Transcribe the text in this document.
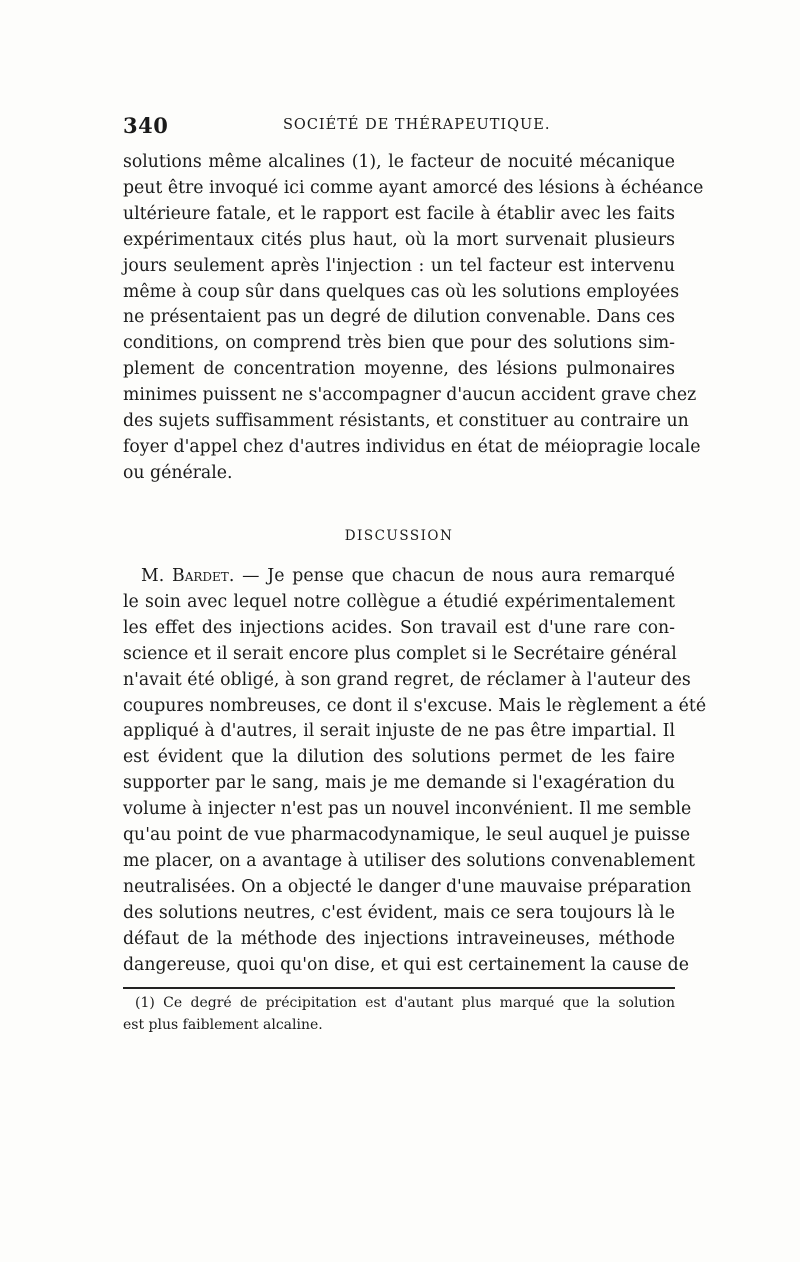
340	SOCIÉTÉ DE THÉRAPEUTIQUE.
solutions même alcalines (1), le facteur de nocuité mécanique
peut être invoqué ici comme ayant amorcé des lésions à échéance
ultérieure fatale, et le rapport est facile à établir avec les faits
expérimentaux cités plus haut, où la mort survenait plusieurs
jours seulement après l'injection : un tel facteur est intervenu
même à coup sûr dans quelques cas où les solutions employées
ne présentaient pas un degré de dilution convenable. Dans ces
conditions, on comprend très bien que pour des solutions sim-
plement de concentration moyenne, des lésions pulmonaires
minimes puissent ne s'accompagner d'aucun accident grave chez
des sujets suffisamment résistants, et constituer au contraire un
foyer d'appel chez d'autres individus en état de méiopragie locale
ou générale.
DISCUSSION
M. Bardet. — Je pense que chacun de nous aura remarqué
le soin avec lequel notre collègue a étudié expérimentalement
les effet des injections acides. Son travail est d'une rare con-
science et il serait encore plus complet si le Secrétaire général
n'avait été obligé, à son grand regret, de réclamer à l'auteur des
coupures nombreuses, ce dont il s'excuse. Mais le règlement a été
appliqué à d'autres, il serait injuste de ne pas être impartial. Il
est évident que la dilution des solutions permet de les faire
supporter par le sang, mais je me demande si l'exagération du
volume à injecter n'est pas un nouvel inconvénient. Il me semble
qu'au point de vue pharmacodynamique, le seul auquel je puisse
me placer, on a avantage à utiliser des solutions convenablement
neutralisées. On a objecté le danger d'une mauvaise préparation
des solutions neutres, c'est évident, mais ce sera toujours là le
défaut de la méthode des injections intraveineuses, méthode
dangereuse, quoi qu'on dise, et qui est certainement la cause de
(1) Ce degré de précipitation est d'autant plus marqué que la solution
est plus faiblement alcaline.
